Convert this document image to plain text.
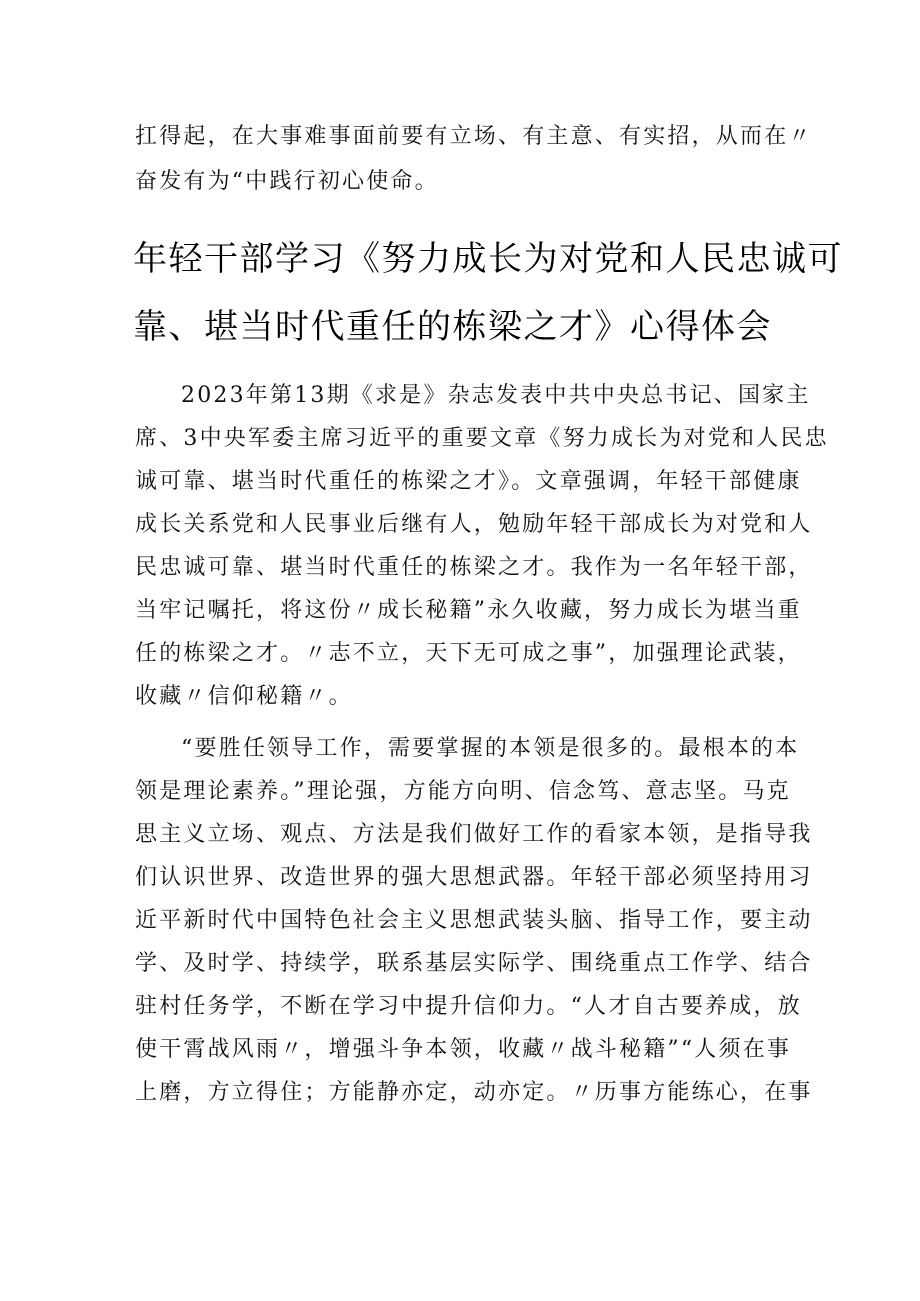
扛得起，在大事难事面前要有立场、有主意、有实招，从而在〃
奋发有为“中践行初心使命。
年轻干部学习《努力成长为对党和人民忠诚可
靠、堪当时代重任的栋梁之才》心得体会
2023年第13期《求是》杂志发表中共中央总书记、国家主
席、3中央军委主席习近平的重要文章《努力成长为对党和人民忠
诚可靠、堪当时代重任的栋梁之才》。文章强调，年轻干部健康
成长关系党和人民事业后继有人，勉励年轻干部成长为对党和人
民忠诚可靠、堪当时代重任的栋梁之才。我作为一名年轻干部，
当牢记嘱托，将这份〃成长秘籍”永久收藏，努力成长为堪当重
任的栋梁之才。〃志不立，天下无可成之事”，加强理论武装，
收藏〃信仰秘籍〃。
“要胜任领导工作，需要掌握的本领是很多的。最根本的本
领是理论素养。”理论强，方能方向明、信念笃、意志坚。马克
思主义立场、观点、方法是我们做好工作的看家本领，是指导我
们认识世界、改造世界的强大思想武器。年轻干部必须坚持用习
近平新时代中国特色社会主义思想武装头脑、指导工作，要主动
学、及时学、持续学，联系基层实际学、围绕重点工作学、结合
驻村任务学，不断在学习中提升信仰力。“人才自古要养成，放
使干霄战风雨〃，增强斗争本领，收藏〃战斗秘籍”“人须在事
上磨，方立得住；方能静亦定，动亦定。〃历事方能练心，在事
